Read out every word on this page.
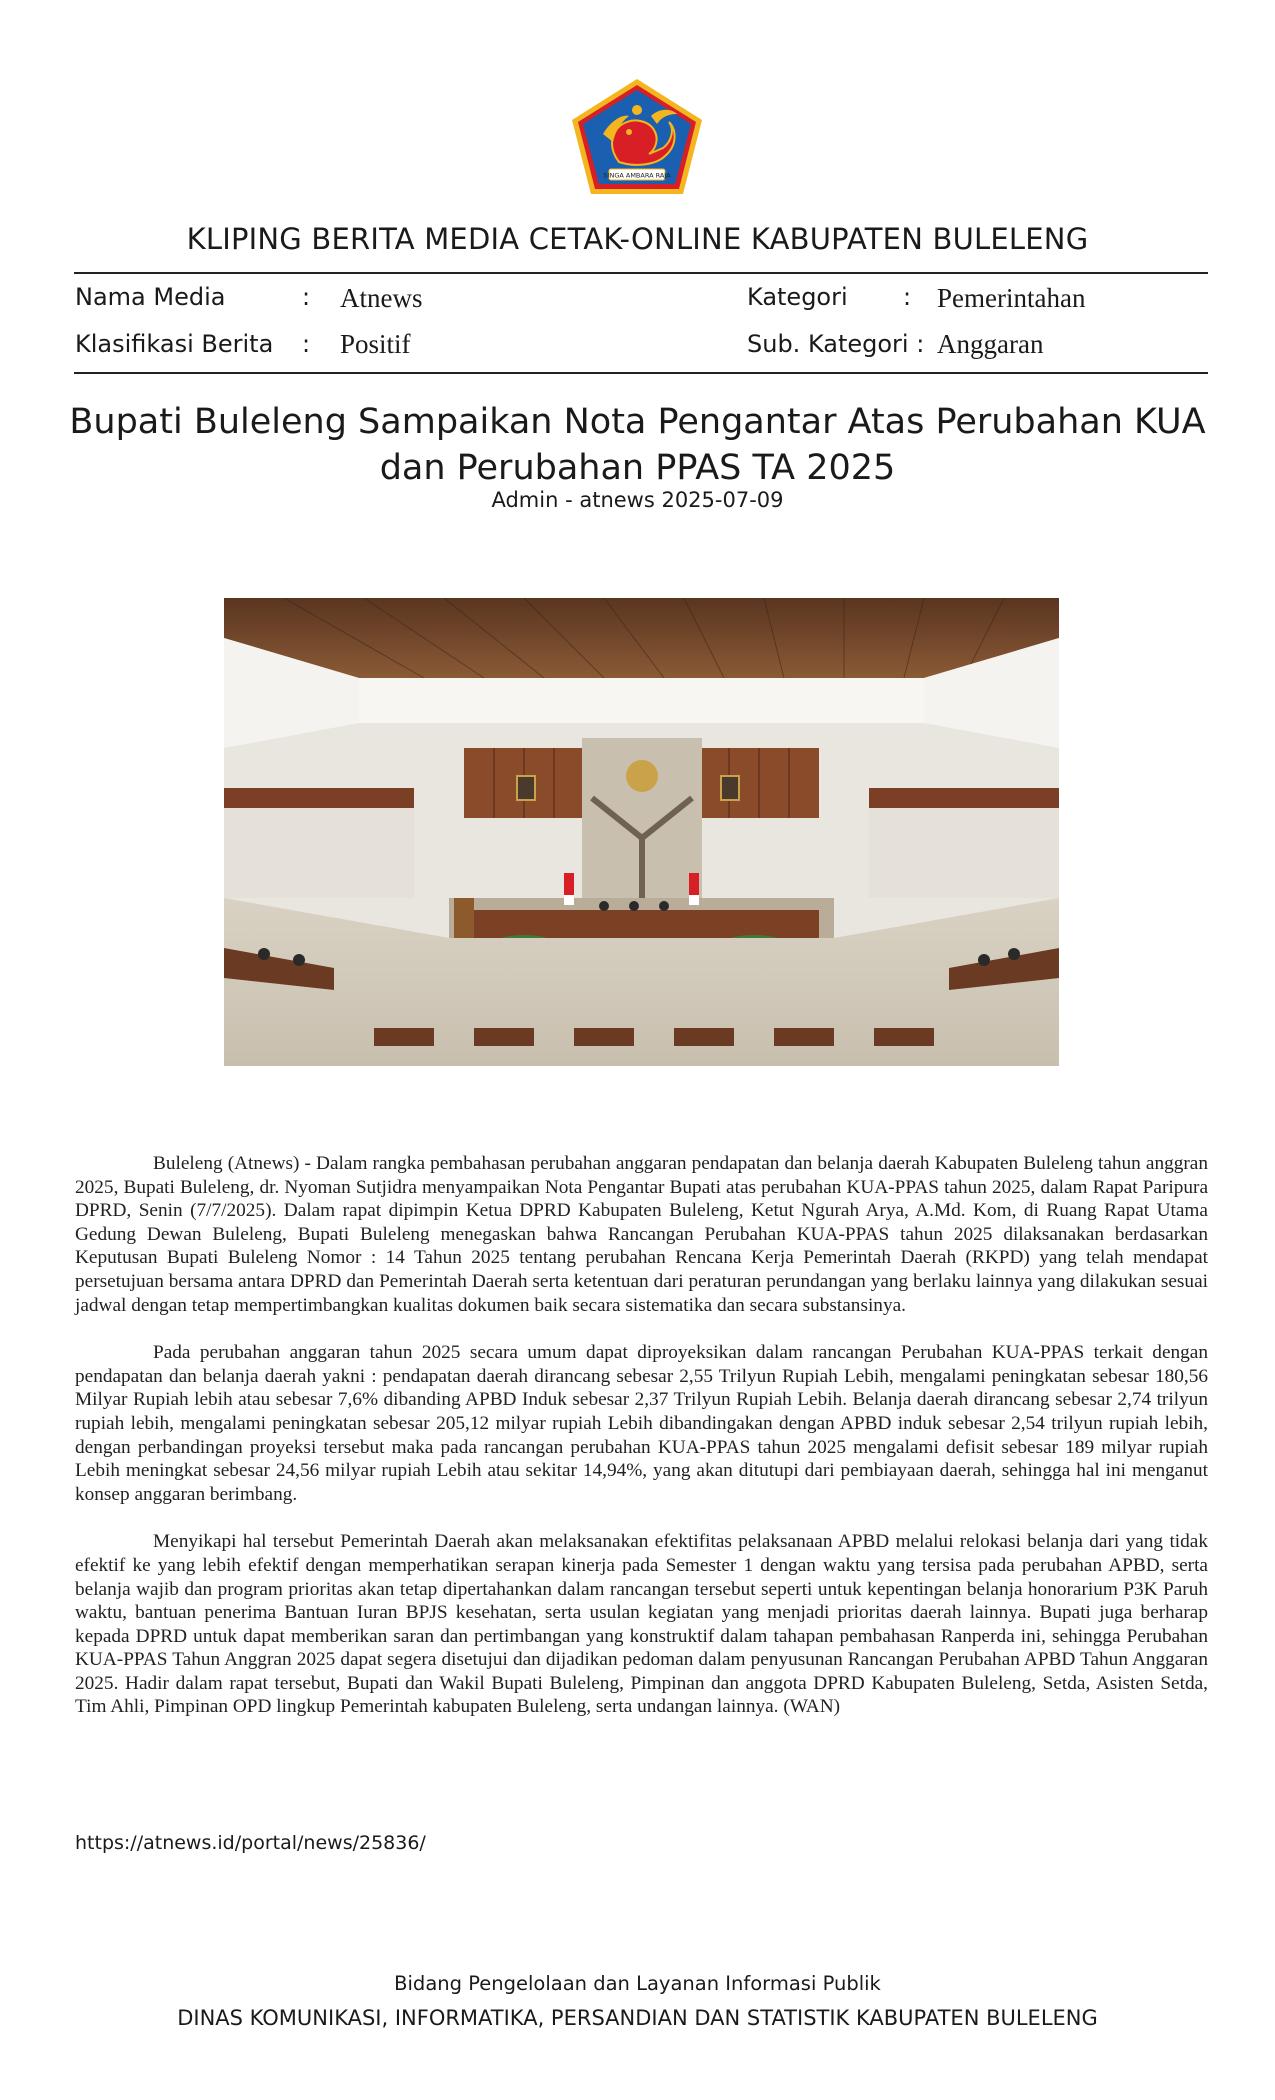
SINGA AMBARA RAJA
KLIPING BERITA MEDIA CETAK-ONLINE KABUPATEN BULELENG
Nama Media	: Atnews
Klasifikasi Berita : Positif
Kategori : Pemerintahan
Sub. Kategori : Anggaran
Bupati Buleleng Sampaikan Nota Pengantar Atas Perubahan KUA dan Perubahan PPAS TA 2025
Admin - atnews 2025-07-09

Buleleng (Atnews) - Dalam rangka pembahasan perubahan anggaran pendapatan dan belanja daerah Kabupaten Buleleng tahun anggran 2025, Bupati Buleleng, dr. Nyoman Sutjidra menyampaikan Nota Pengantar Bupati atas perubahan KUA-PPAS tahun 2025, dalam Rapat Paripura DPRD, Senin (7/7/2025). Dalam rapat dipimpin Ketua DPRD Kabupaten Buleleng, Ketut Ngurah Arya, A.Md. Kom, di Ruang Rapat Utama Gedung Dewan Buleleng, Bupati Buleleng menegaskan bahwa Rancangan Perubahan KUA-PPAS tahun 2025 dilaksanakan berdasarkan Keputusan Bupati Buleleng Nomor : 14 Tahun 2025 tentang perubahan Rencana Kerja Pemerintah Daerah (RKPD) yang telah mendapat persetujuan bersama antara DPRD dan Pemerintah Daerah serta ketentuan dari peraturan perundangan yang berlaku lainnya yang dilakukan sesuai jadwal dengan tetap mempertimbangkan kualitas dokumen baik secara sistematika dan secara substansinya.

Pada perubahan anggaran tahun 2025 secara umum dapat diproyeksikan dalam rancangan Perubahan KUA-PPAS terkait dengan pendapatan dan belanja daerah yakni : pendapatan daerah dirancang sebesar 2,55 Trilyun Rupiah Lebih, mengalami peningkatan sebesar 180,56 Milyar Rupiah lebih atau sebesar 7,6% dibanding APBD Induk sebesar 2,37 Trilyun Rupiah Lebih. Belanja daerah dirancang sebesar 2,74 trilyun rupiah lebih, mengalami peningkatan sebesar 205,12 milyar rupiah Lebih dibandingakan dengan APBD induk sebesar 2,54 trilyun rupiah lebih, dengan perbandingan proyeksi tersebut maka pada rancangan perubahan KUA-PPAS tahun 2025 mengalami defisit sebesar 189 milyar rupiah Lebih meningkat sebesar 24,56 milyar rupiah Lebih atau sekitar 14,94%, yang akan ditutupi dari pembiayaan daerah, sehingga hal ini menganut konsep anggaran berimbang.

Menyikapi hal tersebut Pemerintah Daerah akan melaksanakan efektifitas pelaksanaan APBD melalui relokasi belanja dari yang tidak efektif ke yang lebih efektif dengan memperhatikan serapan kinerja pada Semester 1 dengan waktu yang tersisa pada perubahan APBD, serta belanja wajib dan program prioritas akan tetap dipertahankan dalam rancangan tersebut seperti untuk kepentingan belanja honorarium P3K Paruh waktu, bantuan penerima Bantuan Iuran BPJS kesehatan, serta usulan kegiatan yang menjadi prioritas daerah lainnya. Bupati juga berharap kepada DPRD untuk dapat memberikan saran dan pertimbangan yang konstruktif dalam tahapan pembahasan Ranperda ini, sehingga Perubahan KUA-PPAS Tahun Anggran 2025 dapat segera disetujui dan dijadikan pedoman dalam penyusunan Rancangan Perubahan APBD Tahun Anggaran 2025. Hadir dalam rapat tersebut, Bupati dan Wakil Bupati Buleleng, Pimpinan dan anggota DPRD Kabupaten Buleleng, Setda, Asisten Setda, Tim Ahli, Pimpinan OPD lingkup Pemerintah kabupaten Buleleng, serta undangan lainnya. (WAN)

https://atnews.id/portal/news/25836/
Bidang Pengelolaan dan Layanan Informasi Publik
DINAS KOMUNIKASI, INFORMATIKA, PERSANDIAN DAN STATISTIK KABUPATEN BULELENG
